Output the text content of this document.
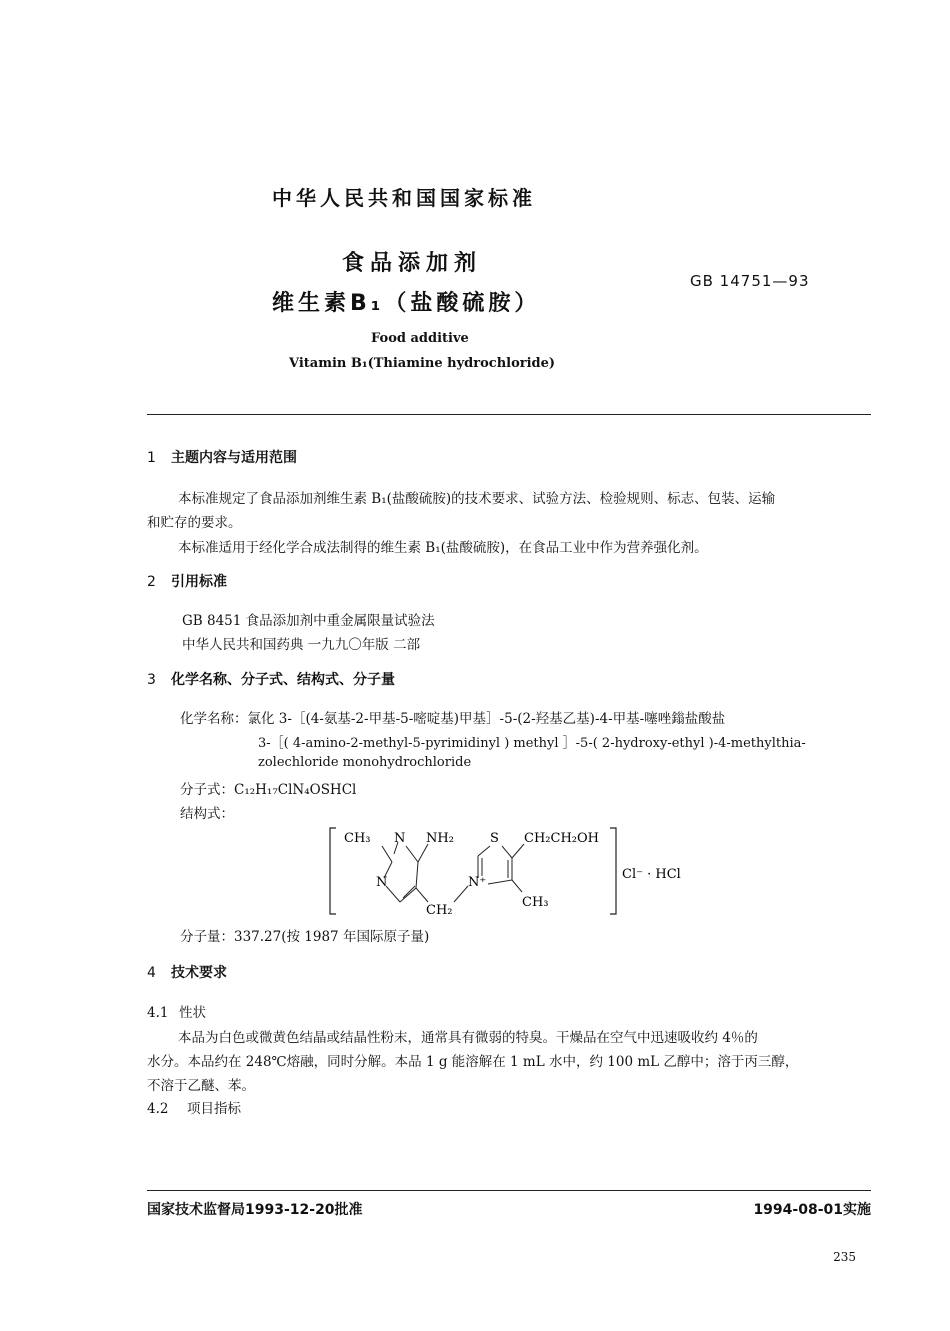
中华人民共和国国家标准
食品添加剂
维生素B₁（盐酸硫胺）
GB 14751—93
Food additive
Vitamin B₁(Thiamine hydrochloride)
1 主题内容与适用范围
本标准规定了食品添加剂维生素 B₁(盐酸硫胺)的技术要求、试验方法、检验规则、标志、包装、运输
和贮存的要求。
本标准适用于经化学合成法制得的维生素 B₁(盐酸硫胺)，在食品工业中作为营养强化剂。
2 引用标准
GB 8451 食品添加剂中重金属限量试验法
中华人民共和国药典 一九九〇年版 二部
3 化学名称、分子式、结构式、分子量
化学名称：氯化 3-［(4-氨基-2-甲基-5-嘧啶基)甲基］-5-(2-羟基乙基)-4-甲基-噻唑鎓盐酸盐
3-［( 4-amino-2-methyl-5-pyrimidinyl ) methyl ］-5-( 2-hydroxy-ethyl )-4-methylthia-
zolechloride monohydrochloride
分子式：C₁₂H₁₇ClN₄OSHCl
结构式：
CH₃ N NH₂	S CH₂CH₂OH
N	N⁺
CH₂
CH₃
Cl⁻ · HCl
分子量：337.27(按 1987 年国际原子量)
4 技术要求
4.1 性状
本品为白色或微黄色结晶或结晶性粉末，通常具有微弱的特臭。干燥品在空气中迅速吸收约 4％的
水分。本品约在 248℃熔融，同时分解。本品 1 g 能溶解在 1 mL 水中，约 100 mL 乙醇中；溶于丙三醇，
不溶于乙醚、苯。
4.2 项目指标
国家技术监督局1993-12-20批准	1994-08-01实施
235
